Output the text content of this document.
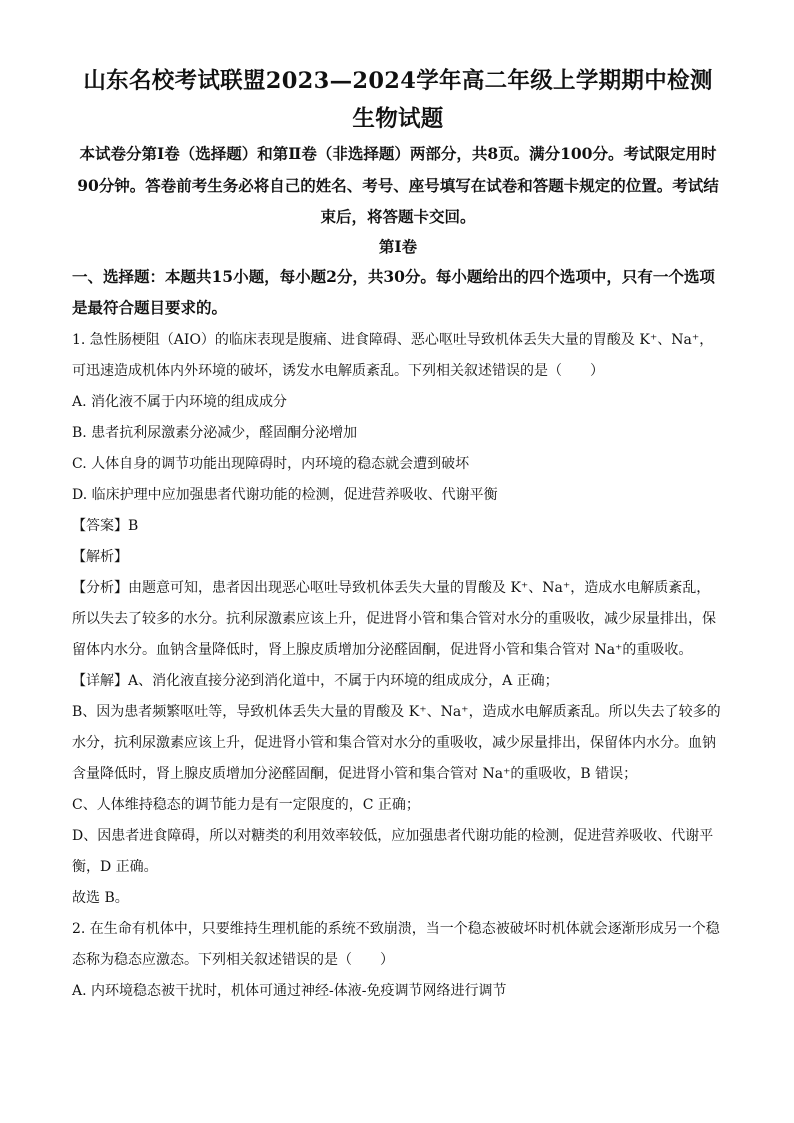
山东名校考试联盟2023—2024学年高二年级上学期期中检测生物试题

本试卷分第Ⅰ卷（选择题）和第Ⅱ卷（非选择题）两部分，共8页。满分100分。考试限定用时90分钟。答卷前考生务必将自己的姓名、考号、座号填写在试卷和答题卡规定的位置。考试结束后，将答题卡交回。

第Ⅰ卷

一、选择题：本题共15小题，每小题2分，共30分。每小题给出的四个选项中，只有一个选项是最符合题目要求的。

1. 急性肠梗阻（AIO）的临床表现是腹痛、进食障碍、恶心呕吐导致机体丢失大量的胃酸及 K⁺、Na⁺，可迅速造成机体内外环境的破坏，诱发水电解质紊乱。下列相关叙述错误的是（　　）

A. 消化液不属于内环境的组成成分

B. 患者抗利尿激素分泌减少，醛固酮分泌增加

C. 人体自身的调节功能出现障碍时，内环境的稳态就会遭到破坏

D. 临床护理中应加强患者代谢功能的检测，促进营养吸收、代谢平衡

【答案】B

【解析】

【分析】由题意可知，患者因出现恶心呕吐导致机体丢失大量的胃酸及 K⁺、Na⁺，造成水电解质紊乱，所以失去了较多的水分。抗利尿激素应该上升，促进肾小管和集合管对水分的重吸收，减少尿量排出，保留体内水分。血钠含量降低时，肾上腺皮质增加分泌醛固酮，促进肾小管和集合管对 Na⁺的重吸收。

【详解】A、消化液直接分泌到消化道中，不属于内环境的组成成分，A 正确；

B、因为患者频繁呕吐等，导致机体丢失大量的胃酸及 K⁺、Na⁺，造成水电解质紊乱。所以失去了较多的水分，抗利尿激素应该上升，促进肾小管和集合管对水分的重吸收，减少尿量排出，保留体内水分。血钠含量降低时，肾上腺皮质增加分泌醛固酮，促进肾小管和集合管对 Na⁺的重吸收，B 错误；

C、人体维持稳态的调节能力是有一定限度的，C 正确；

D、因患者进食障碍，所以对糖类的利用效率较低，应加强患者代谢功能的检测，促进营养吸收、代谢平衡，D 正确。

故选 B。

2. 在生命有机体中，只要维持生理机能的系统不致崩溃，当一个稳态被破坏时机体就会逐渐形成另一个稳态称为稳态应激态。下列相关叙述错误的是（　　）

A. 内环境稳态被干扰时，机体可通过神经-体液-免疫调节网络进行调节
